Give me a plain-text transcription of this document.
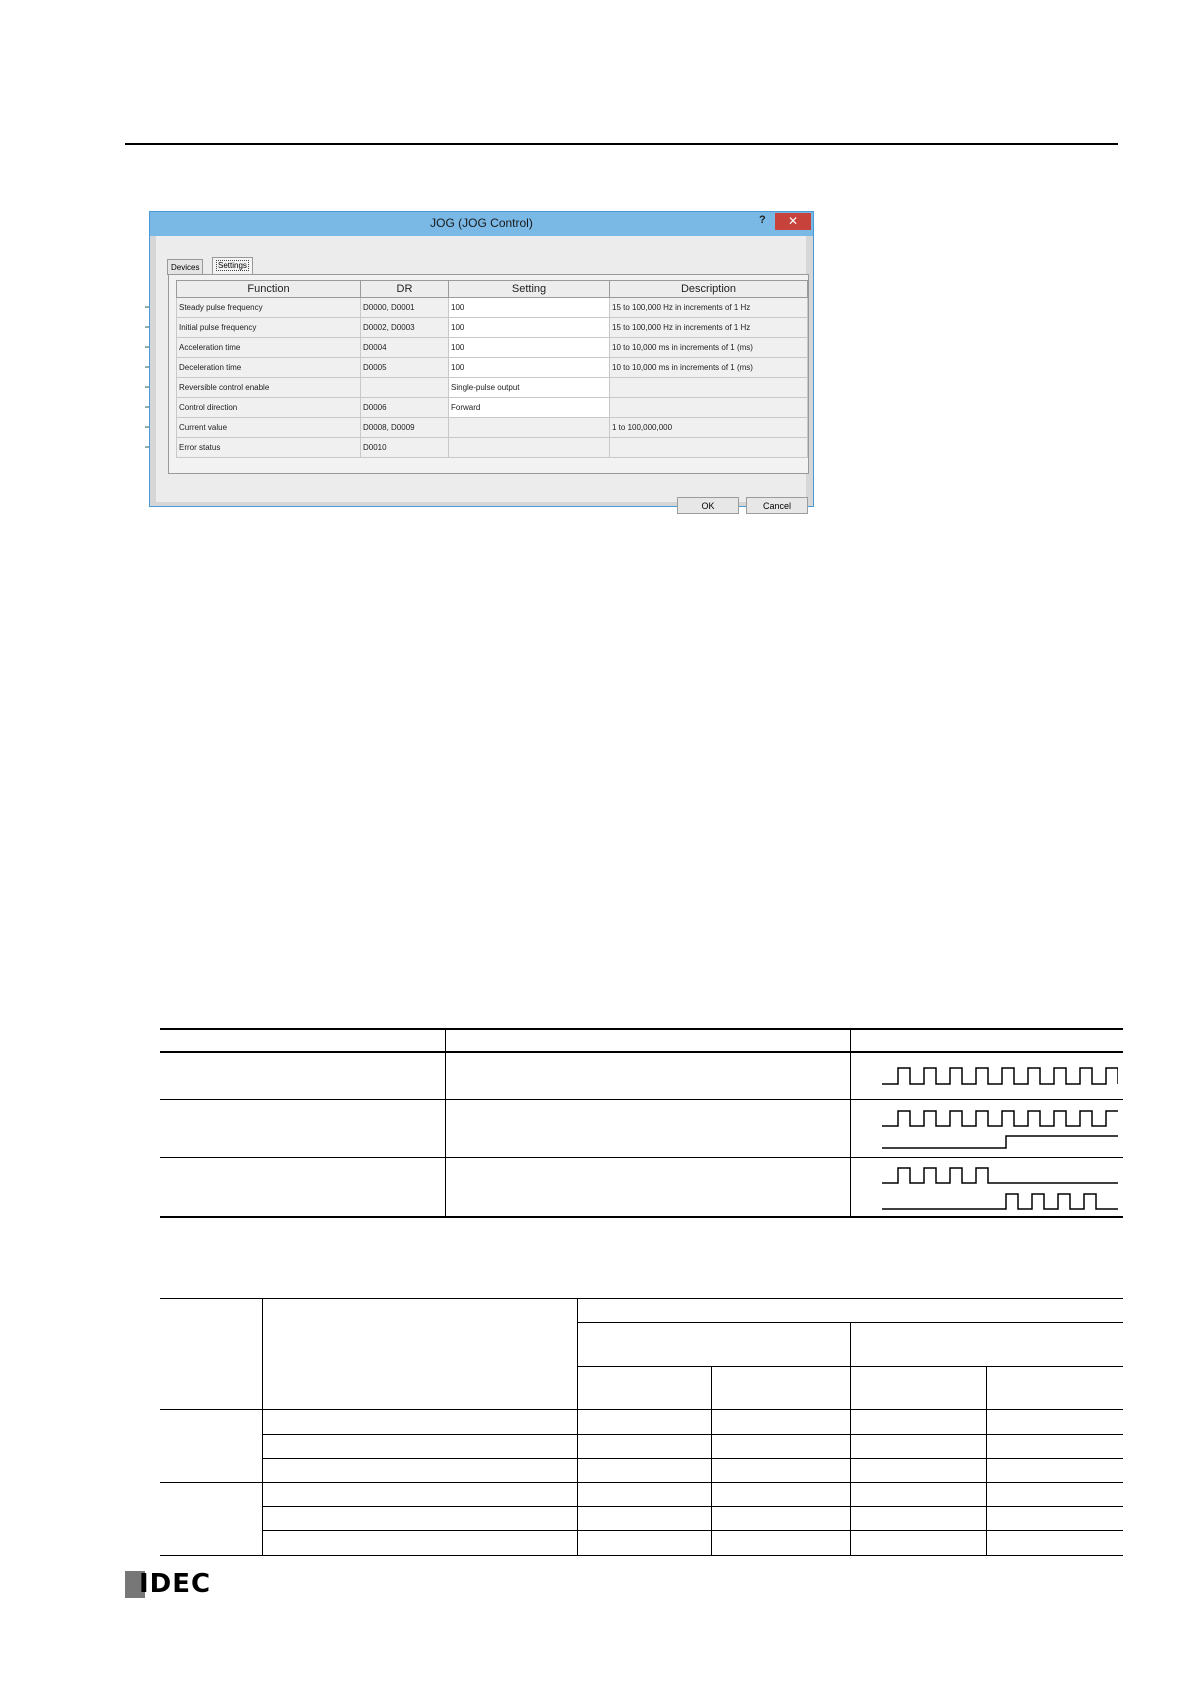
JOG (JOG Control)	?	✕
Devices	Settings
Function	DR	Setting	Description
Steady pulse frequency	D0000, D0001	100	15 to 100,000 Hz in increments of 1 Hz
Initial pulse frequency	D0002, D0003	100	15 to 100,000 Hz in increments of 1 Hz
Acceleration time	D0004	100	10 to 10,000 ms in increments of 1 (ms)
Deceleration time	D0005	100	10 to 10,000 ms in increments of 1 (ms)
Reversible control enable		Single-pulse output	
Control direction	D0006	Forward	
Current value	D0008, D0009		1 to 100,000,000
Error status	D0010		
OK	Cancel
IDEC
